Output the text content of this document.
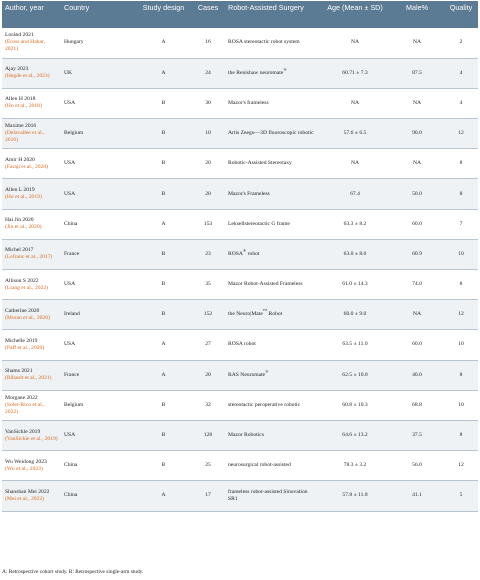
Author, year	Country	Study design	Cases	Robot-Assisted Surgery	Age (Mean ± SD)	Male%	Quality

Loránd 2021
(Eross and Hakar, 2021)	Hungary	A	16	ROSA stereotactic robot system	NA	NA	2

Ajay 2023
(Hegde et al., 2023)	UK	A	24	the Renishaw neuromate®	60.71 ± 7.3	87.5	4

Allen H 2018
(Ho et al., 2018)	USA	B	30	Mazor's frameless	NA	NA	4

Maxime 2016
(Delavallee et al., 2016)	Belgium	B	10	Artis Zeego—3D fluoroscopic robotic	57.6 ± 6.5	90.0	12

Amir H 2020
(Faraji et al., 2020)	USA	B	20	Robotic-Assisted Stereotaxy	NA	NA	8

Allen L 2019
(Ho et al., 2019)	USA	B	20	Mazor's Frameless	67.4	50.0	8

Hai Jin 2020
(Jin et al., 2020)	China	A	153	Leksellstereotactic G frame	63.3 ± 8.2	60.0	7

Michel 2017
(Lefranc et al., 2017)	France	B	23	ROSA® robot	63.0 ± 8.6	60.9	10

Allison S 2022
(Liang et al., 2022)	USA	B	35	Mazor Robot-Assisted Frameless	61.0 ± 14.3	74.0	8

Catherine 2020
(Moran et al., 2020)	Ireland	B	152	the Neuro|Mate™ Robot	60.0 ± 9.0	NA	12

Michelle 2019
(Paff et al., 2020)	USA	A	27	ROSA robot	63.5 ± 11.0	60.0	10

Shams 2021
(Ribault et al., 2021)	France	A	20	RAS Neuromate®	62.5 ± 10.0	40.0	8

Morgane 2022
(Soler-Rico et al., 2022)	Belgium	B	32	stereotactic peroperative robotic	60.8 ± 10.3	68.8	10

VanSickle 2019
(VanSickle et al., 2019)	USA	B	128	Mazor Robotics	64.6 ± 13.2	37.5	8

Wu Weidong 2023
(Wu et al., 2023)	China	B	25	neurosurgical robot-assisted	78.3 ± 3.2	56.0	12

Shanshan Mei 2022
(Mei et al., 2022)	China	A	17	frameless robot-assisted Sinovation SR1	57.8 ± 11.8	41.1	5
A: Retrospective cohort study. B: Retrospective single-arm study.
